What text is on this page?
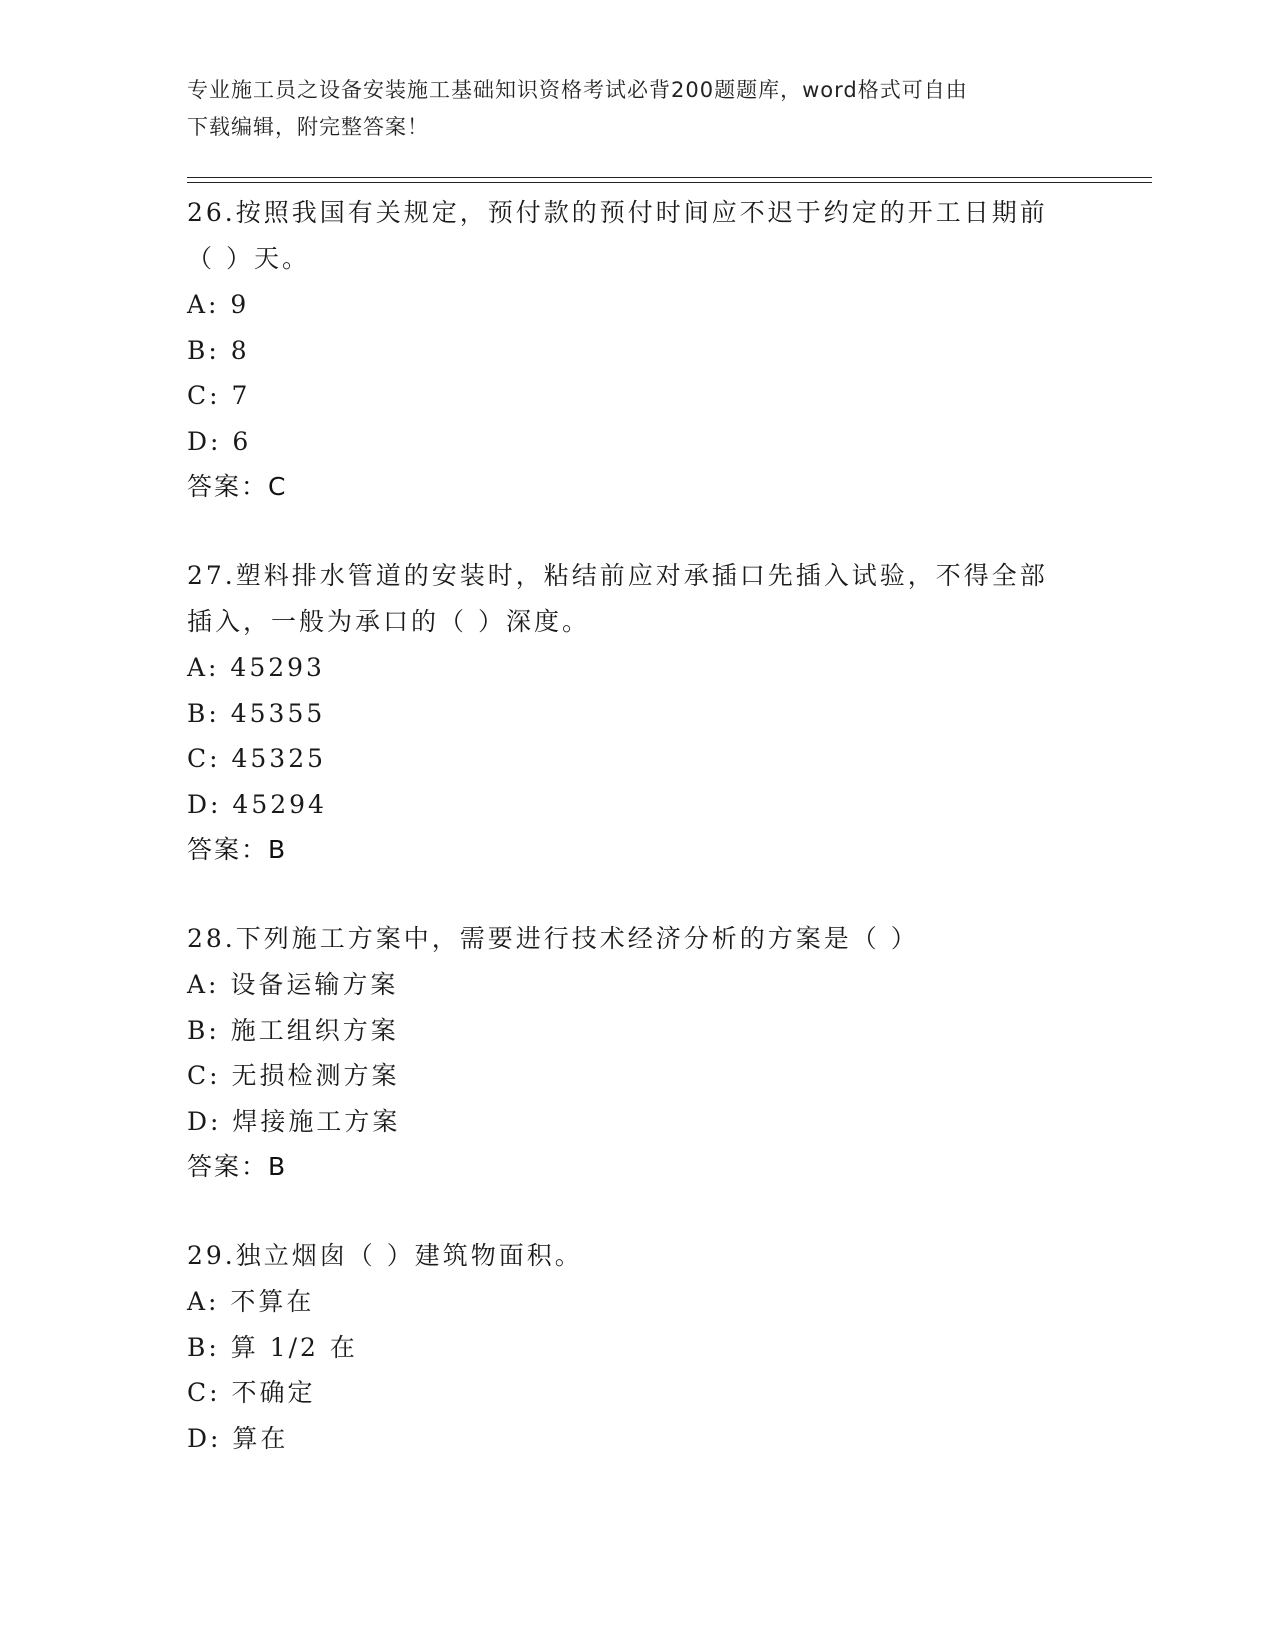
专业施工员之设备安装施工基础知识资格考试必背200题题库，word格式可自由
下载编辑，附完整答案！
26.按照我国有关规定，预付款的预付时间应不迟于约定的开工日期前
（ ）天。
A: 9
B: 8
C: 7
D: 6
答案：C
27.塑料排水管道的安装时，粘结前应对承插口先插入试验，不得全部
插入，一般为承口的（ ）深度。
A: 45293
B: 45355
C: 45325
D: 45294
答案：B
28.下列施工方案中，需要进行技术经济分析的方案是（ ）
A: 设备运输方案
B: 施工组织方案
C: 无损检测方案
D: 焊接施工方案
答案：B
29.独立烟囱（ ）建筑物面积。
A: 不算在
B: 算 1/2 在
C: 不确定
D: 算在
